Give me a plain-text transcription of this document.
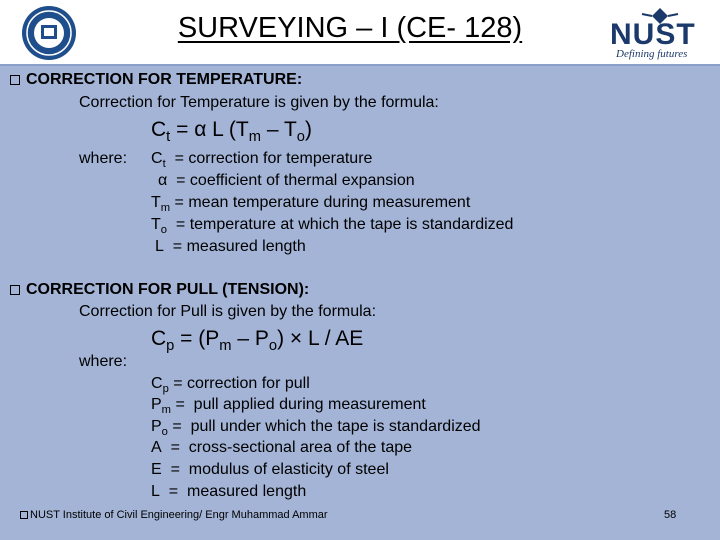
SURVEYING – I (CE- 128)	NUST
Defining futures
CORRECTION FOR TEMPERATURE:
Correction for Temperature is given by the formula:
$C_t = \alpha$ L $(T_m - T_o)$
where: $C_t$  = correction for temperature
α  = coefficient of thermal expansion
$T_m$ = mean temperature during measurement
$T_o$  = temperature at which the tape is standardized
L  = measured length
CORRECTION FOR PULL (TENSION):
Correction for Pull is given by the formula:
$C_p = (P_m - P_o) \times L$ / AE
where:
$C_p$ = correction for pull
$P_m$ =  pull applied during measurement
$P_o$ =  pull under which the tape is standardized
A  =  cross-sectional area of the tape
E  =  modulus of elasticity of steel
L  =  measured length
NUST Institute of Civil Engineering/ Engr Muhammad Ammar	58
